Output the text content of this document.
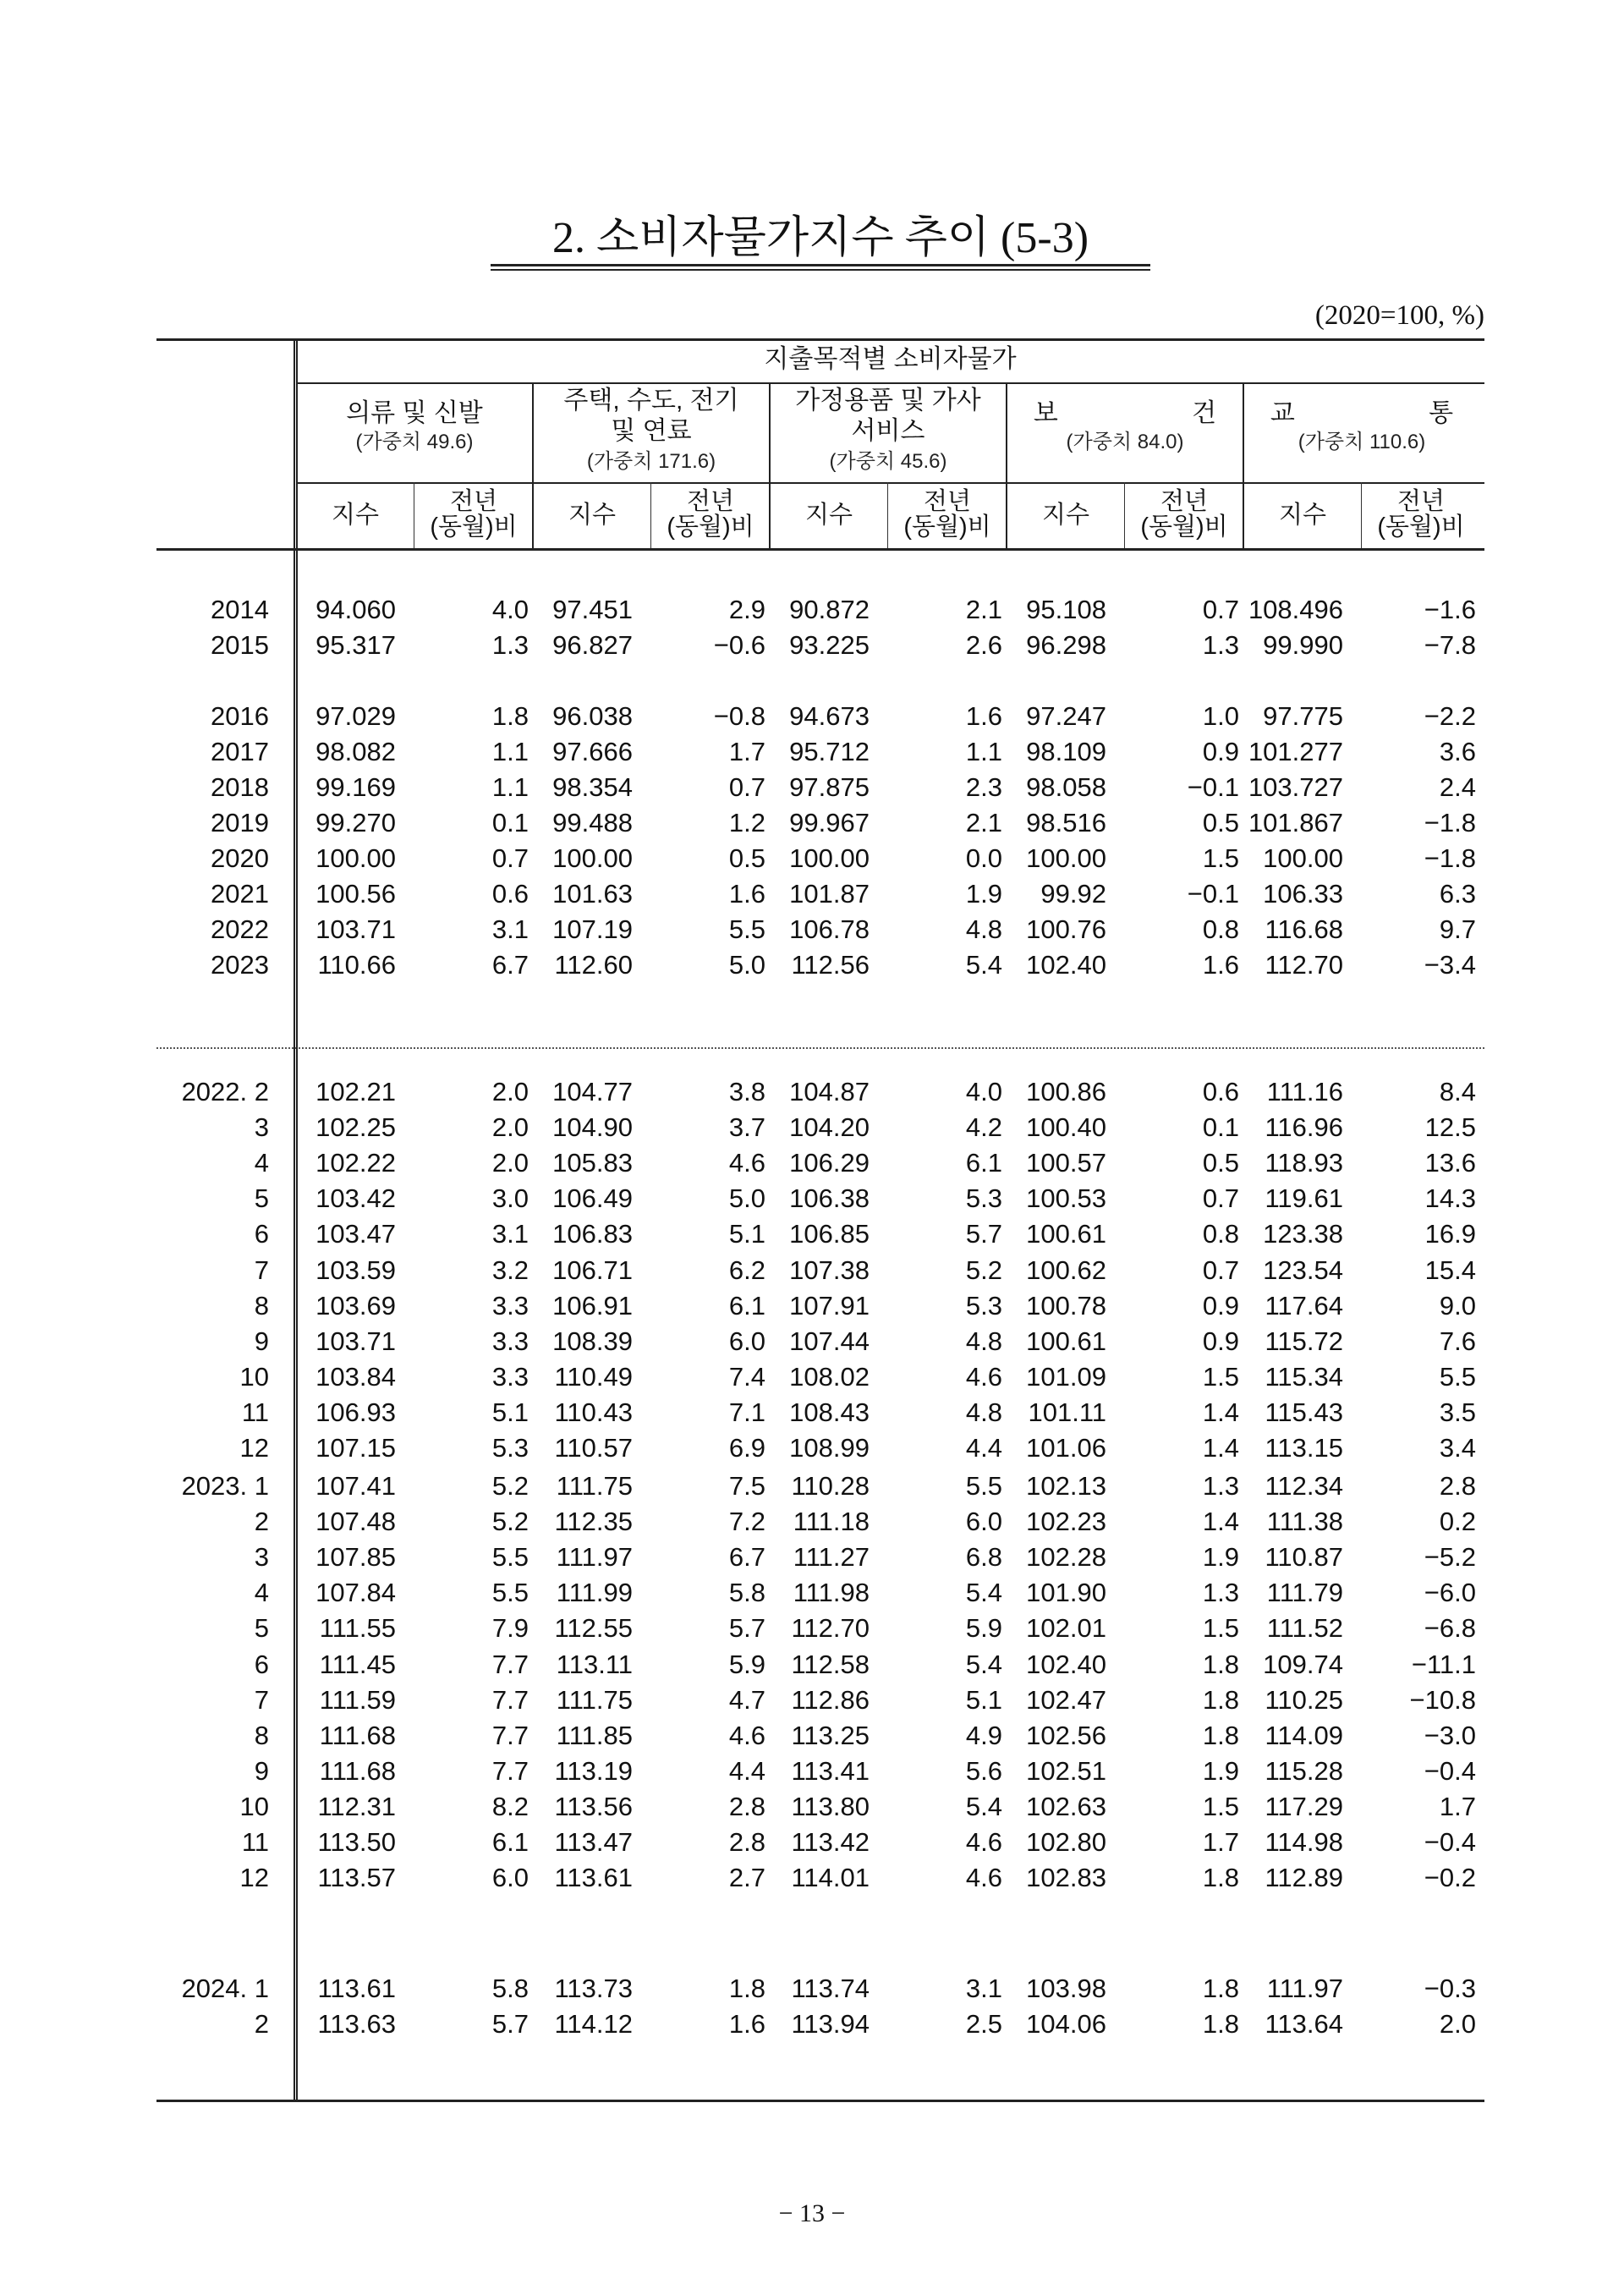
2. 소비자물가지수 추이 (5-3)
(2020=100, %)
지출목적별 소비자물가
의류 및 신발
(가중치 49.6)
주택, 수도, 전기 및 연료
(가중치 171.6)
가정용품 및 가사서비스
(가중치 45.6)
보 건
(가중치 84.0)
교 통
(가중치 110.6)
지수	전년
(동월)비	지수	전년
(동월)비	지수	전년
(동월)비	지수	전년
(동월)비	지수	전년
(동월)비
2014	94.060	4.0 97.451	2.9 90.872	2.1 95.108	0.7 108.496	−1.6
2015	95.317	1.3 96.827	−0.6 93.225	2.6 96.298	1.3 99.990	−7.8
2016	97.029	1.8 96.038	−0.8 94.673	1.6 97.247	1.0 97.775	−2.2
2017	98.082	1.1 97.666	1.7 95.712	1.1 98.109	0.9 101.277	3.6
2018	99.169	1.1 98.354	0.7 97.875	2.3 98.058	−0.1 103.727	2.4
2019	99.270	0.1 99.488	1.2 99.967	2.1 98.516	0.5 101.867	−1.8
2020	100.00	0.7 100.00	0.5 100.00	0.0 100.00	1.5 100.00	−1.8
2021	100.56	0.6 101.63	1.6 101.87	1.9	99.92	−0.1 106.33	6.3
2022	103.71	3.1 107.19	5.5 106.78	4.8 100.76	0.8 116.68	9.7
2023	110.66	6.7 112.60	5.0 112.56	5.4 102.40	1.6 112.70	−3.4
2022. 2	102.21	2.0 104.77	3.8 104.87	4.0 100.86	0.6	111.16	8.4
3	102.25	2.0 104.90	3.7 104.20	4.2 100.40	0.1 116.96	12.5
4	102.22	2.0 105.83	4.6 106.29	6.1 100.57	0.5 118.93	13.6
5	103.42	3.0 106.49	5.0 106.38	5.3 100.53	0.7 119.61	14.3
6	103.47	3.1 106.83	5.1 106.85	5.7 100.61	0.8 123.38	16.9
7	103.59	3.2 106.71	6.2 107.38	5.2 100.62	0.7 123.54	15.4
8	103.69	3.3 106.91	6.1 107.91	5.3 100.78	0.9 117.64	9.0
9	103.71	3.3 108.39	6.0 107.44	4.8 100.61	0.9 115.72	7.6
10	103.84	3.3 110.49	7.4 108.02	4.6 101.09	1.5 115.34	5.5
11	106.93	5.1 110.43	7.1 108.43	4.8 101.11	1.4 115.43	3.5
12	107.15	5.3 110.57	6.9 108.99	4.4 101.06	1.4 113.15	3.4
2023. 1	107.41	5.2	111.75	7.5 110.28	5.5 102.13	1.3 112.34	2.8
2	107.48	5.2 112.35	7.2	111.18	6.0 102.23	1.4	111.38	0.2
3	107.85	5.5	111.97	6.7	111.27	6.8 102.28	1.9 110.87	−5.2
4	107.84	5.5	111.99	5.8	111.98	5.4 101.90	1.3	111.79	−6.0
5	111.55	7.9 112.55	5.7 112.70	5.9 102.01	1.5	111.52	−6.8
6	111.45	7.7	113.11	5.9 112.58	5.4 102.40	1.8 109.74	−11.1
7	111.59	7.7	111.75	4.7 112.86	5.1 102.47	1.8 110.25	−10.8
8	111.68	7.7	111.85	4.6 113.25	4.9 102.56	1.8 114.09	−3.0
9	111.68	7.7 113.19	4.4 113.41	5.6 102.51	1.9 115.28	−0.4
10	112.31	8.2 113.56	2.8 113.80	5.4 102.63	1.5 117.29	1.7
11	113.50	6.1 113.47	2.8 113.42	4.6 102.80	1.7 114.98	−0.4
12	113.57	6.0 113.61	2.7 114.01	4.6 102.83	1.8 112.89	−0.2
2024. 1	113.61	5.8 113.73	1.8 113.74	3.1 103.98	1.8	111.97	−0.3
2	113.63	5.7 114.12	1.6 113.94	2.5 104.06	1.8 113.64	2.0
− 13 −
